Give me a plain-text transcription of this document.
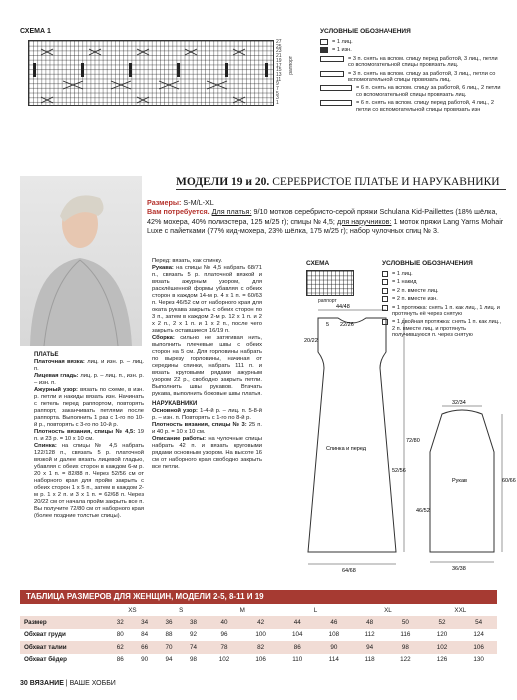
СХЕМА 1
27
25
23
21
19
17
15
13
11
9
7
5
3
1
раппорт
УСЛОВНЫЕ ОБОЗНАЧЕНИЯ
= 1 лиц.
= 1 изн.
= 3 п. снять на вспом. спицу перед работой, 3 лиц., петли со вспомогательной спицы провязать лиц.
= 3 п. снять на вспом. спицу за работой, 3 лиц., петли со вспомогательной спицы провязать лиц.
= 6 п. снять на вспом. спицу за работой, 6 лиц., 2 петли со вспомогательной спицы провязать лиц.
= 6 п. снять на вспом. спицу перед работой, 4 лиц., 2 петли со вспомогательной спицы провязать изн
МОДЕЛИ 19 и 20. СЕРЕБРИСТОЕ ПЛАТЬЕ И НАРУКАВНИКИ
Размеры: S-M/L-XL
Вам потребуется. Для платья: 9/10 мотков серебристо-серой пряжи Schulana Kid-Paillettes (18% шёлка, 42% мохера, 40% полиэстера, 125 м/25 г); спицы № 4,5; для наручников: 1 моток пряжи Lang Yarns Mohair Luxe с пайетками (77% кид-мохера, 23% шёлка, 175 м/25 г); набор чулочных спиц № 3.
ПЛАТЬЕ

Платочная вязка: лиц. и изн. р. – лиц. п.

Лицевая гладь: лиц. р. – лиц. п., изн. р. – изн. п.

Ажурный узор: вязать по схеме, в изн. р. петли и накиды вязать изн. Начинать с петель перед раппортом, повторять раппорт, заканчивать петлями после раппорта. Выполнить 1 раз с 1-го по 10-й р., повторять с 3-го по 10-й р.

Плотность вязания, спицы № 4,5: 19 п. и 23 р. = 10 х 10 см.

Спинка: на спицы № 4,5 набрать 122/128 п., связать 5 р. платочной вязкой и далее вязать лицевой гладью, убавляя с обеих сторон в каждом 6-м р. 20 х 1 п. = 82/88 п. Через 52/56 см от наборного края для пройм закрыть с обеих сторон 1 х 5 п., затем в каждом 2-м р. 1 х 2 п. и 3 х 1 п. = 62/68 п. Через 20/22 см от начала пройм закрыть все п. Вы получите 72/80 см от наборного края (более поздние толстые спицы).

Перед: вязать, как спинку.

Рукава: на спицы № 4,5 набрать 68/71 п., связать 5 р. платочной вязкой и вязать ажурным узором, для расклёшенной формы убавляя с обеих сторон в каждом 14-м р. 4 х 1 п. = 60/63 п. Через 46/52 см от наборного края для оката рукава закрыть с обеих сторон по 3 п., затем в каждом 2-м р. 12 х 1 п. и 2 х 2 п., 2 х 1 п. и 1 х 2 п., после чего закрыть оставшиеся 16/19 п.

Сборка: сильно не затягивая нить, выполнить плечевые швы с обеих сторон на 5 см. Для горловины набрать по вырезу горловины, начиная от середины спинки, набрать 111 п. и вязать круговыми рядами ажурным узором 22 р., свободно закрыть петли. Выполнить швы рукавов. Втачать рукава, выполнить боковые швы платья.

НАРУКАВНИКИ

Основной узор: 1-4-й р. – лиц. п. 5-8-й р. – изн. п. Повторять с 1-го по 8-й р.

Плотность вязания, спицы № 3: 25 п. и 40 р. = 10 х 10 см.

Описание работы: на чулочные спицы набрать 42 п. и вязать круговыми рядами основным узором. На высоте 16 см от наборного края свободно закрыть все петли.

СХЕМА
раппорт
УСЛОВНЫЕ ОБОЗНАЧЕНИЯ
= 1 лиц.
= 1 накид
= 2 п. вместе лиц.
= 2 п. вместе изн.
= 1 протяжка: снять 1 п. как лиц., 1 лиц. и протянуть её через снятую
= 1 двойная протяжка: снять 1 п. как лиц., 2 п. вместе лиц. и протянуть получившуюся п. через снятую
44/48
22/26
5
20/22
52/56
72/80
64/68
Спинка и перед
32/34
46/52
60/66
36/38
Рукав
ТАБЛИЦА РАЗМЕРОВ ДЛЯ ЖЕНЩИН, МОДЕЛИ 2-5, 8-11 И 19
	XS		S		M		L		XL		XXL	
Размер	32	34	36	38	40	42	44	46	48	50	52	54
Обхват груди	80	84	88	92	96	100	104	108	112	116	120	124
Обхват талии	62	66	70	74	78	82	86	90	94	98	102	106
Обхват бёдер	86	90	94	98	102	106	110	114	118	122	126	130
30 ВЯЗАНИЕ | ВАШЕ ХОББИ
